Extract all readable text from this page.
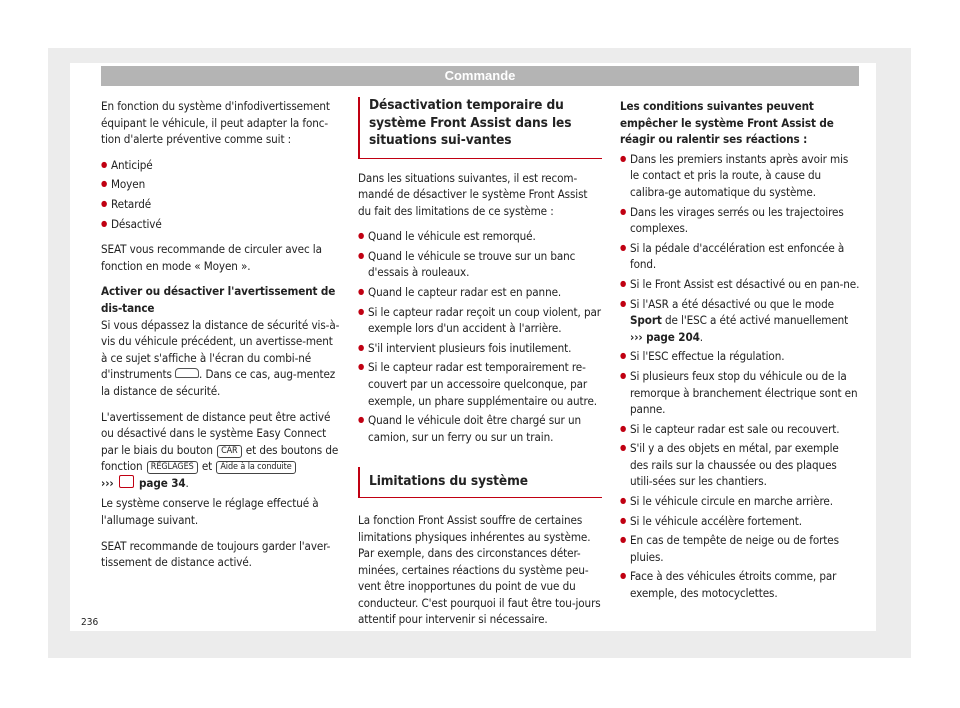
Commande

En fonction du système d'infodivertissement équipant le véhicule, il peut adapter la fonc-tion d'alerte préventive comme suit :

● Anticipé
● Moyen
● Retardé
● Désactivé

SEAT vous recommande de circuler avec la fonction en mode « Moyen ».

Activer ou désactiver l'avertissement de dis-tance

Si vous dépassez la distance de sécurité vis-à-vis du véhicule précédent, un avertisse-ment à ce sujet s'affiche à l'écran du combi-né d'instruments . Dans ce cas, aug-mentez la distance de sécurité.

L'avertissement de distance peut être activé ou désactivé dans le système Easy Connect par le biais du bouton CAR et des boutons de fonction RÉGLAGES et Aide à la conduite
››› page 34.

Le système conserve le réglage effectué à l'allumage suivant.

SEAT recommande de toujours garder l'aver-tissement de distance activé.

Désactivation temporaire du système Front Assist dans les situations sui-vantes

Dans les situations suivantes, il est recom-mandé de désactiver le système Front Assist du fait des limitations de ce système :

● Quand le véhicule est remorqué.
● Quand le véhicule se trouve sur un banc d'essais à rouleaux.
● Quand le capteur radar est en panne.
● Si le capteur radar reçoit un coup violent, par exemple lors d'un accident à l'arrière.
● S'il intervient plusieurs fois inutilement.
● Si le capteur radar est temporairement re-couvert par un accessoire quelconque, par exemple, un phare supplémentaire ou autre.
● Quand le véhicule doit être chargé sur un camion, sur un ferry ou sur un train.
Limitations du système

La fonction Front Assist souffre de certaines limitations physiques inhérentes au système. Par exemple, dans des circonstances déter-minées, certaines réactions du système peu-vent être inopportunes du point de vue du conducteur. C'est pourquoi il faut être tou-jours attentif pour intervenir si nécessaire.

Les conditions suivantes peuvent empêcher le système Front Assist de réagir ou ralentir ses réactions :

● Dans les premiers instants après avoir mis le contact et pris la route, à cause du calibra-ge automatique du système.
● Dans les virages serrés ou les trajectoires complexes.
● Si la pédale d'accélération est enfoncée à fond.
● Si le Front Assist est désactivé ou en pan-ne.
● Si l'ASR a été désactivé ou que le mode Sport de l'ESC a été activé manuellement ››› page 204.
● Si l'ESC effectue la régulation.
● Si plusieurs feux stop du véhicule ou de la remorque à branchement électrique sont en panne.
● Si le capteur radar est sale ou recouvert.
● S'il y a des objets en métal, par exemple des rails sur la chaussée ou des plaques utili-sées sur les chantiers.
● Si le véhicule circule en marche arrière.
● Si le véhicule accélère fortement.
● En cas de tempête de neige ou de fortes pluies.
● Face à des véhicules étroits comme, par exemple, des motocyclettes.
236
